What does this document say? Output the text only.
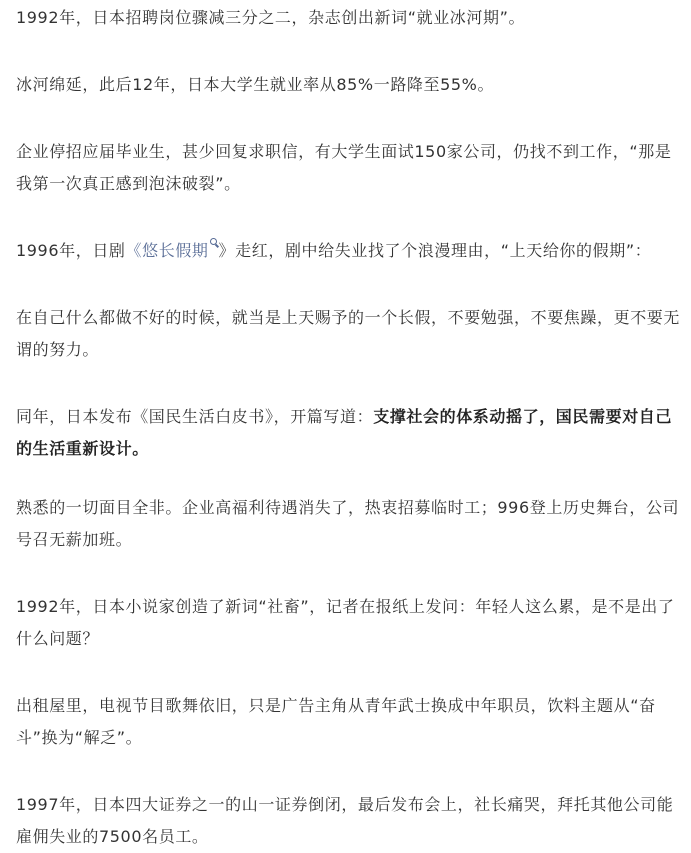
1992年，日本招聘岗位骤减三分之二，杂志创出新词“就业冰河期”。

冰河绵延，此后12年，日本大学生就业率从85%一路降至55%。

企业停招应届毕业生，甚少回复求职信，有大学生面试150家公司，仍找不到工作，“那是我第一次真正感到泡沫破裂”。

1996年，日剧《悠长假期 》走红，剧中给失业找了个浪漫理由，“上天给你的假期”：

在自己什么都做不好的时候，就当是上天赐予的一个长假，不要勉强，不要焦躁，更不要无谓的努力。

同年，日本发布《国民生活白皮书》，开篇写道：支撑社会的体系动摇了，国民需要对自己的生活重新设计。

熟悉的一切面目全非。企业高福利待遇消失了，热衷招募临时工；996登上历史舞台，公司号召无薪加班。

1992年，日本小说家创造了新词“社畜”，记者在报纸上发问：年轻人这么累，是不是出了什么问题？

出租屋里，电视节目歌舞依旧，只是广告主角从青年武士换成中年职员，饮料主题从“奋斗”换为“解乏”。

1997年，日本四大证券之一的山一证券倒闭，最后发布会上，社长痛哭，拜托其他公司能雇佣失业的7500名员工。
